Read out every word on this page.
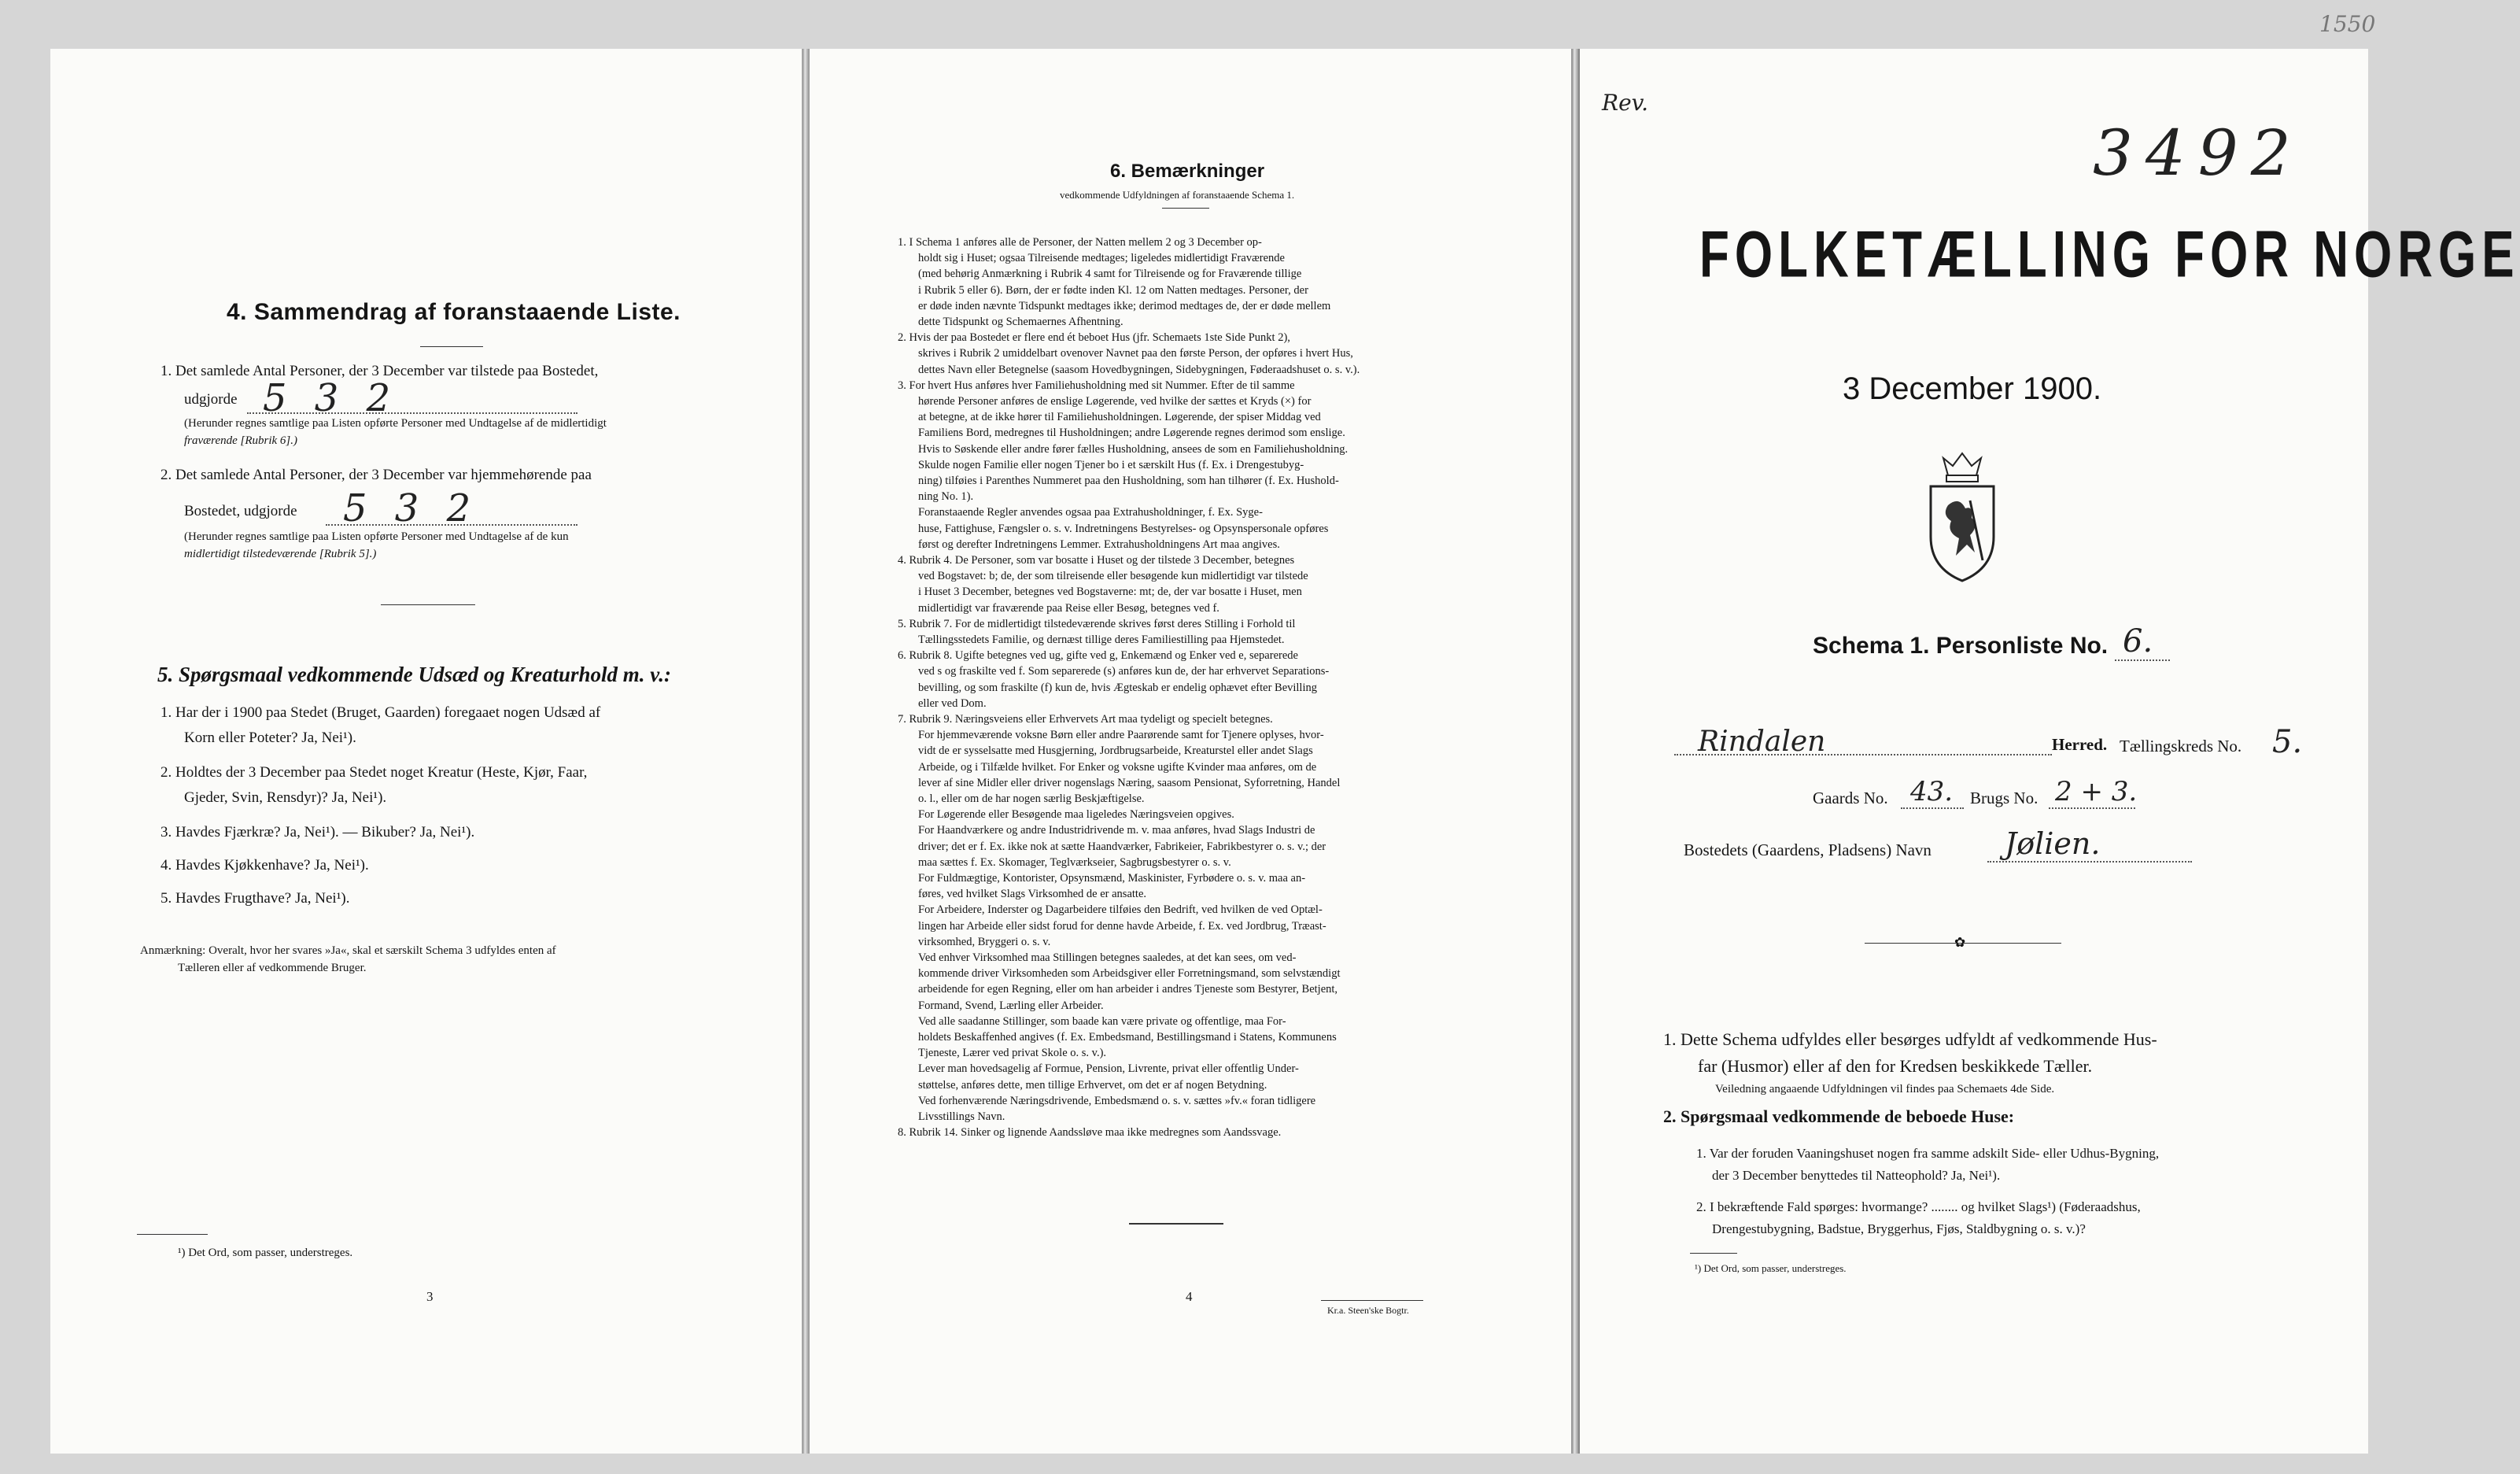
1550
4. Sammendrag af foranstaaende Liste.
1. Det samlede Antal Personer, der 3 December var tilstede paa Bostedet,
udgjorde 5 3 2
(Herunder regnes samtlige paa Listen opførte Personer med Undtagelse af de midlertidigt
fraværende [Rubrik 6].)
2. Det samlede Antal Personer, der 3 December var hjemmehørende paa
Bostedet, udgjorde 5 3 2
(Herunder regnes samtlige paa Listen opførte Personer med Undtagelse af de kun
midlertidigt tilstedeværende [Rubrik 5].)
5. Spørgsmaal vedkommende Udsæd og Kreaturhold m. v.:
1. Har der i 1900 paa Stedet (Bruget, Gaarden) foregaaet nogen Udsæd af
Korn eller Poteter? Ja, Nei¹).
2. Holdtes der 3 December paa Stedet noget Kreatur (Heste, Kjør, Faar,
Gjeder, Svin, Rensdyr)? Ja, Nei¹).
3. Havdes Fjærkræ? Ja, Nei¹). — Bikuber? Ja, Nei¹).
4. Havdes Kjøkkenhave? Ja, Nei¹).
5. Havdes Frugthave? Ja, Nei¹).
Anmærkning: Overalt, hvor her svares »Ja«, skal et særskilt Schema 3 udfyldes enten af
Tælleren eller af vedkommende Bruger.
¹) Det Ord, som passer, understreges.
3
6. Bemærkninger
vedkommende Udfyldningen af foranstaaende Schema 1.
1. I Schema 1 anføres alle de Personer, der Natten mellem 2 og 3 December op-
holdt sig i Huset; ogsaa Tilreisende medtages; ligeledes midlertidigt Fraværende
(med behørig Anmærkning i Rubrik 4 samt for Tilreisende og for Fraværende tillige
i Rubrik 5 eller 6). Børn, der er fødte inden Kl. 12 om Natten medtages. Personer, der
er døde inden nævnte Tidspunkt medtages ikke; derimod medtages de, der er døde mellem
dette Tidspunkt og Schemaernes Afhentning.
2. Hvis der paa Bostedet er flere end ét beboet Hus (jfr. Schemaets 1ste Side Punkt 2),
skrives i Rubrik 2 umiddelbart ovenover Navnet paa den første Person, der opføres i hvert Hus,
dettes Navn eller Betegnelse (saasom Hovedbygningen, Sidebygningen, Føderaadshuset o. s. v.).
3. For hvert Hus anføres hver Familiehusholdning med sit Nummer. Efter de til samme
hørende Personer anføres de enslige Løgerende, ved hvilke der sættes et Kryds (×) for
at betegne, at de ikke hører til Familiehusholdningen. Løgerende, der spiser Middag ved
Familiens Bord, medregnes til Husholdningen; andre Løgerende regnes derimod som enslige.
Hvis to Søskende eller andre fører fælles Husholdning, ansees de som en Familiehusholdning.
Skulde nogen Familie eller nogen Tjener bo i et særskilt Hus (f. Ex. i Drengestubyg-
ning) tilføies i Parenthes Nummeret paa den Husholdning, som han tilhører (f. Ex. Hushold-
ning No. 1).
Foranstaaende Regler anvendes ogsaa paa Extrahusholdninger, f. Ex. Syge-
huse, Fattighuse, Fængsler o. s. v. Indretningens Bestyrelses- og Opsynspersonale opføres
først og derefter Indretningens Lemmer. Extrahusholdningens Art maa angives.
4. Rubrik 4. De Personer, som var bosatte i Huset og der tilstede 3 December, betegnes
ved Bogstavet: b; de, der som tilreisende eller besøgende kun midlertidigt var tilstede
i Huset 3 December, betegnes ved Bogstaverne: mt; de, der var bosatte i Huset, men
midlertidigt var fraværende paa Reise eller Besøg, betegnes ved f.
5. Rubrik 7. For de midlertidigt tilstedeværende skrives først deres Stilling i Forhold til
Tællingsstedets Familie, og dernæst tillige deres Familiestilling paa Hjemstedet.
6. Rubrik 8. Ugifte betegnes ved ug, gifte ved g, Enkemænd og Enker ved e, separerede
ved s og fraskilte ved f. Som separerede (s) anføres kun de, der har erhvervet Separations-
bevilling, og som fraskilte (f) kun de, hvis Ægteskab er endelig ophævet efter Bevilling
eller ved Dom.
7. Rubrik 9. Næringsveiens eller Erhvervets Art maa tydeligt og specielt betegnes.
For hjemmeværende voksne Børn eller andre Paarørende samt for Tjenere oplyses, hvor-
vidt de er sysselsatte med Husgjerning, Jordbrugsarbeide, Kreaturstel eller andet Slags
Arbeide, og i Tilfælde hvilket. For Enker og voksne ugifte Kvinder maa anføres, om de
lever af sine Midler eller driver nogenslags Næring, saasom Pensionat, Syforretning, Handel
o. l., eller om de har nogen særlig Beskjæftigelse.
For Løgerende eller Besøgende maa ligeledes Næringsveien opgives.
For Haandværkere og andre Industridrivende m. v. maa anføres, hvad Slags Industri de
driver; det er f. Ex. ikke nok at sætte Haandværker, Fabrikeier, Fabrikbestyrer o. s. v.; der
maa sættes f. Ex. Skomager, Teglværkseier, Sagbrugsbestyrer o. s. v.
For Fuldmægtige, Kontorister, Opsynsmænd, Maskinister, Fyrbødere o. s. v. maa an-
føres, ved hvilket Slags Virksomhed de er ansatte.
For Arbeidere, Inderster og Dagarbeidere tilføies den Bedrift, ved hvilken de ved Optæl-
lingen har Arbeide eller sidst forud for denne havde Arbeide, f. Ex. ved Jordbrug, Træast-
virksomhed, Bryggeri o. s. v.
Ved enhver Virksomhed maa Stillingen betegnes saaledes, at det kan sees, om ved-
kommende driver Virksomheden som Arbeidsgiver eller Forretningsmand, som selvstændigt
arbeidende for egen Regning, eller om han arbeider i andres Tjeneste som Bestyrer, Betjent,
Formand, Svend, Lærling eller Arbeider.
Ved alle saadanne Stillinger, som baade kan være private og offentlige, maa For-
holdets Beskaffenhed angives (f. Ex. Embedsmand, Bestillingsmand i Statens, Kommunens
Tjeneste, Lærer ved privat Skole o. s. v.).
Lever man hovedsagelig af Formue, Pension, Livrente, privat eller offentlig Under-
støttelse, anføres dette, men tillige Erhvervet, om det er af nogen Betydning.
Ved forhenværende Næringsdrivende, Embedsmænd o. s. v. sættes »fv.« foran tidligere
Livsstillings Navn.
8. Rubrik 14. Sinker og lignende Aandssløve maa ikke medregnes som Aandssvage.
4
Kr.a. Steen'ske Bogtr.
Rev.
3492
FOLKETÆLLING FOR NORGE
3 December 1900.
Schema 1. Personliste No. 6.
Rindalen	Herred. Tællingskreds No. 5.
Gaards No. 43. Brugs No. 2 + 3.
Bostedets (Gaardens, Pladsens) Navn Jølien.
✿
1. Dette Schema udfyldes eller besørges udfyldt af vedkommende Hus-
far (Husmor) eller af den for Kredsen beskikkede Tæller.
Veiledning angaaende Udfyldningen vil findes paa Schemaets 4de Side.
2. Spørgsmaal vedkommende de beboede Huse:
1. Var der foruden Vaaningshuset nogen fra samme adskilt Side- eller Udhus-Bygning,
der 3 December benyttedes til Natteophold? Ja, Nei¹).
2. I bekræftende Fald spørges: hvormange? ........ og hvilket Slags¹) (Føderaadshus,
Drengestubygning, Badstue, Bryggerhus, Fjøs, Staldbygning o. s. v.)?
¹) Det Ord, som passer, understreges.
